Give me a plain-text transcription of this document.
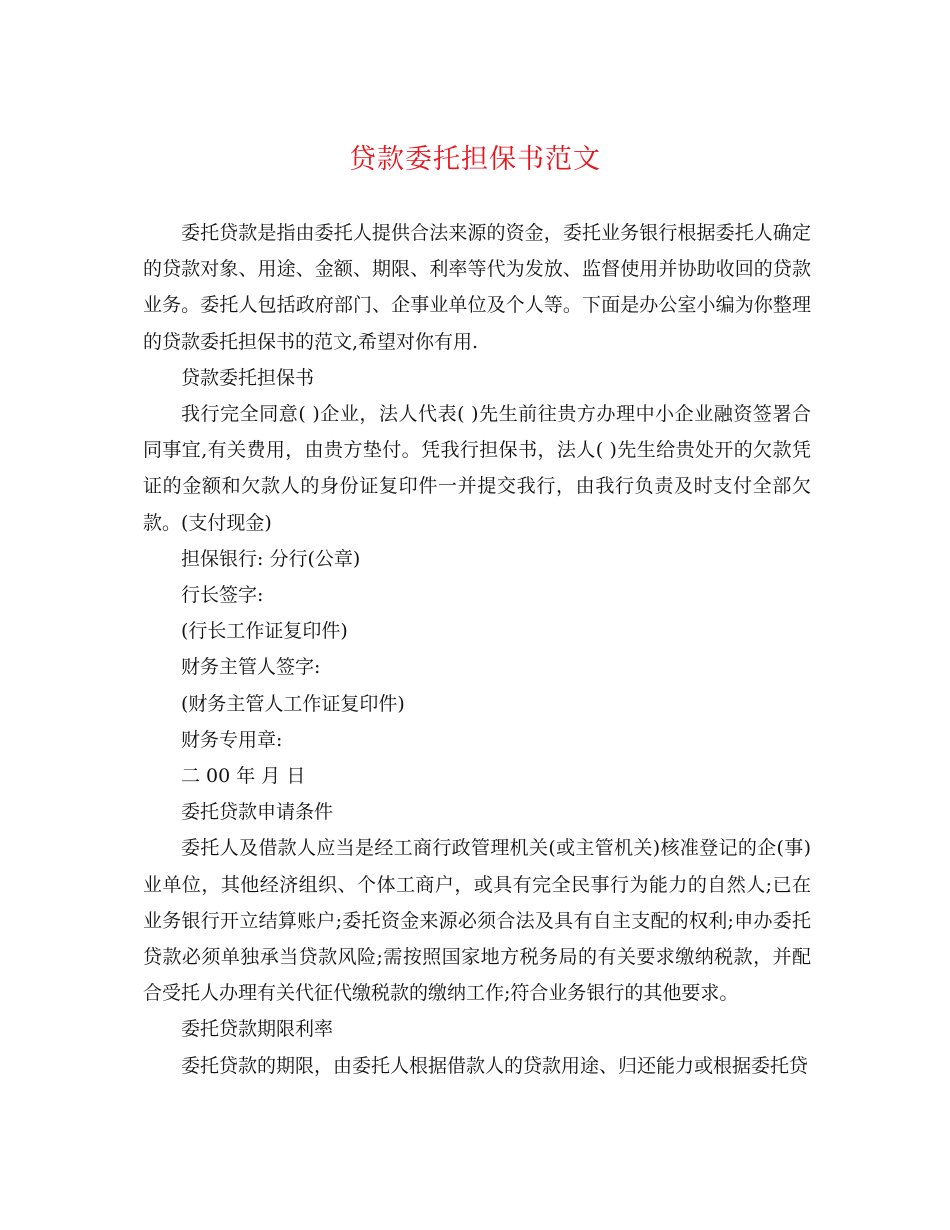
贷款委托担保书范文

委托贷款是指由委托人提供合法来源的资金，委托业务银行根据委托人确定的贷款对象、用途、金额、期限、利率等代为发放、监督使用并协助收回的贷款业务。委托人包括政府部门、企事业单位及个人等。下面是办公室小编为你整理的贷款委托担保书的范文,希望对你有用.

贷款委托担保书

我行完全同意( )企业，法人代表( )先生前往贵方办理中小企业融资签署合同事宜,有关费用，由贵方垫付。凭我行担保书，法人( )先生给贵处开的欠款凭证的金额和欠款人的身份证复印件一并提交我行，由我行负责及时支付全部欠款。(支付现金)

担保银行: 分行(公章)

行长签字:

(行长工作证复印件)

财务主管人签字:

(财务主管人工作证复印件)

财务专用章:

二 00 年 月 日

委托贷款申请条件

委托人及借款人应当是经工商行政管理机关(或主管机关)核准登记的企(事)业单位，其他经济组织、个体工商户，或具有完全民事行为能力的自然人;已在业务银行开立结算账户;委托资金来源必须合法及具有自主支配的权利;申办委托贷款必须单独承当贷款风险;需按照国家地方税务局的有关要求缴纳税款，并配合受托人办理有关代征代缴税款的缴纳工作;符合业务银行的其他要求。

委托贷款期限利率

委托贷款的期限，由委托人根据借款人的贷款用途、归还能力或根据委托贷
